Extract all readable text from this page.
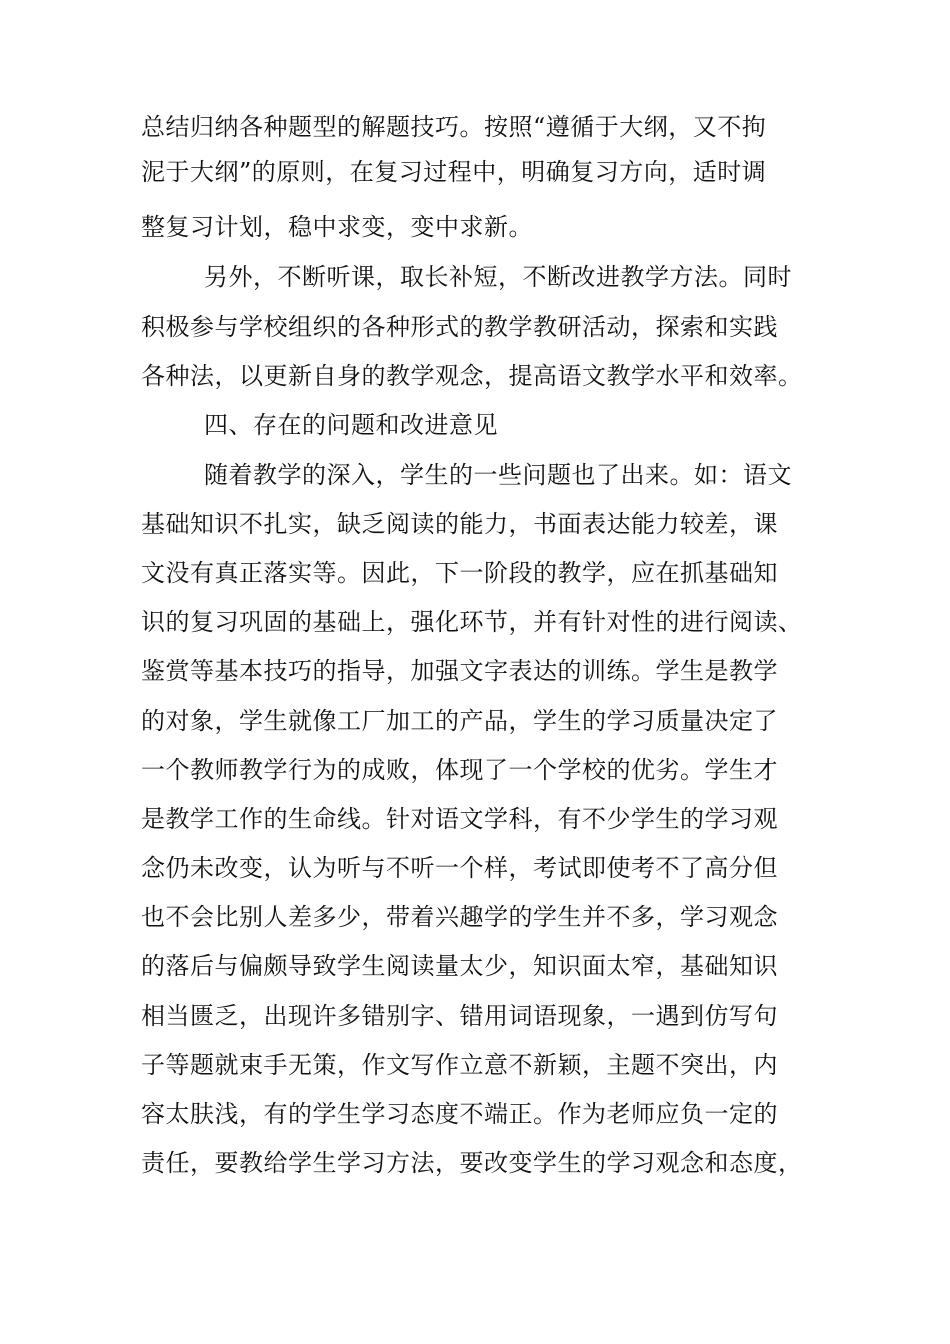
总结归纳各种题型的解题技巧。按照“遵循于大纲，又不拘
泥于大纲”的原则，在复习过程中，明确复习方向，适时调
整复习计划，稳中求变，变中求新。
另外，不断听课，取长补短，不断改进教学方法。同时
积极参与学校组织的各种形式的教学教研活动，探索和实践
各种法，以更新自身的教学观念，提高语文教学水平和效率。
四、存在的问题和改进意见
随着教学的深入，学生的一些问题也了出来。如：语文
基础知识不扎实，缺乏阅读的能力，书面表达能力较差，课
文没有真正落实等。因此，下一阶段的教学，应在抓基础知
识的复习巩固的基础上，强化环节，并有针对性的进行阅读、
鉴赏等基本技巧的指导，加强文字表达的训练。学生是教学
的对象，学生就像工厂加工的产品，学生的学习质量决定了
一个教师教学行为的成败，体现了一个学校的优劣。学生才
是教学工作的生命线。针对语文学科，有不少学生的学习观
念仍未改变，认为听与不听一个样，考试即使考不了高分但
也不会比别人差多少，带着兴趣学的学生并不多，学习观念
的落后与偏颇导致学生阅读量太少，知识面太窄，基础知识
相当匮乏，出现许多错别字、错用词语现象，一遇到仿写句
子等题就束手无策，作文写作立意不新颖，主题不突出，内
容太肤浅，有的学生学习态度不端正。作为老师应负一定的
责任，要教给学生学习方法，要改变学生的学习观念和态度，
